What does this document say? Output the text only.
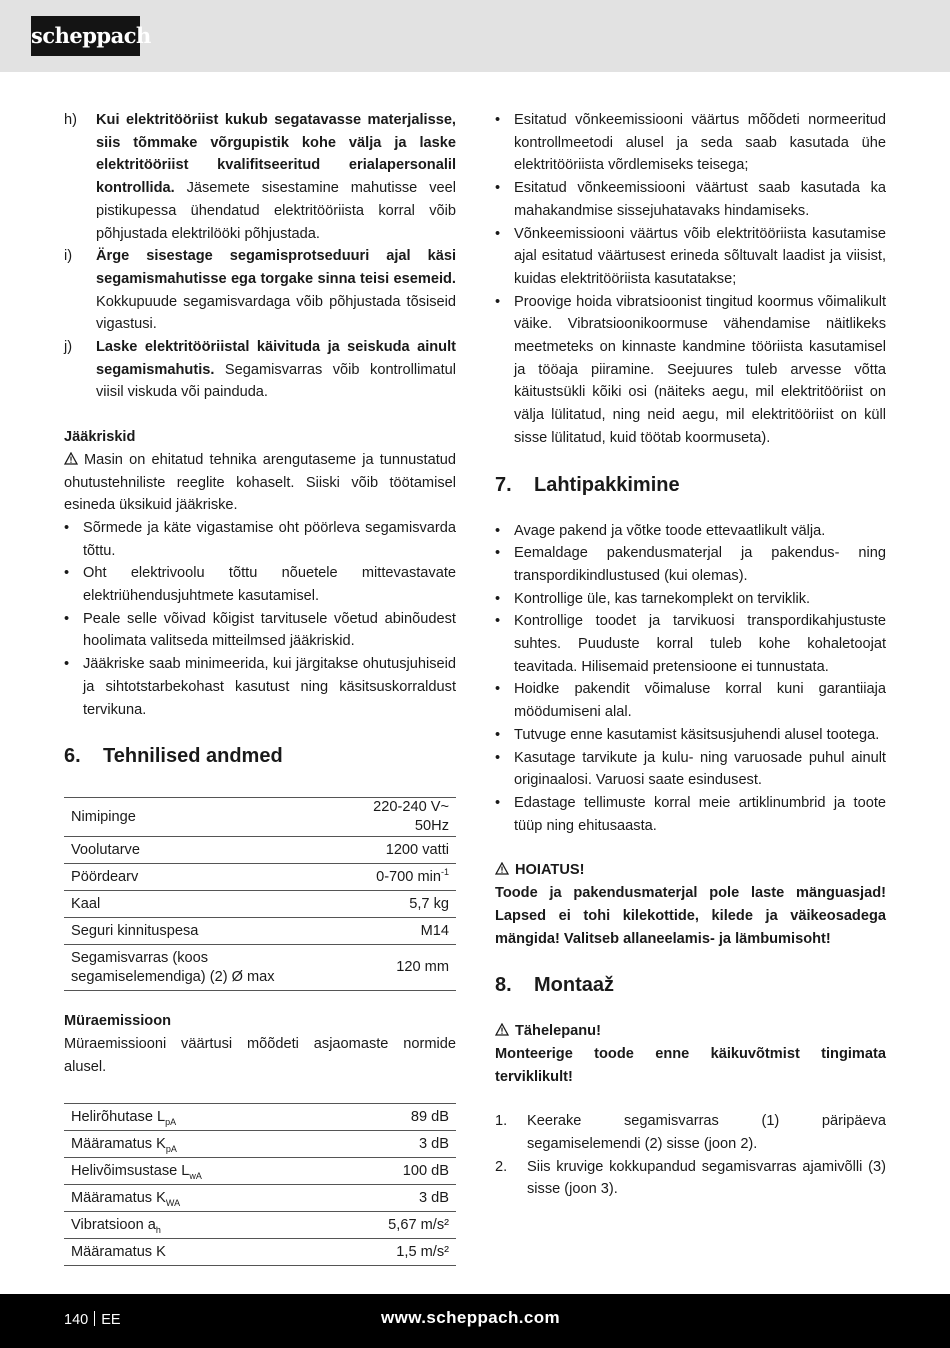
scheppach
h) Kui elektritööriist kukub segatavasse materjalisse, siis tõmmake võrgupistik kohe välja ja laske elektritööriist kvalifitseeritud erialapersonalil kontrollida. Jäsemete sisestamine mahutisse veel pistikupessa ühendatud elektritööriista korral võib põhjustada elektrilööki põhjustada.
i) Ärge sisestage segamisprotseduuri ajal käsi segamismahutisse ega torgake sinna teisi esemeid. Kokkupuude segamisvardaga võib põhjustada tõsiseid vigastusi.
j) Laske elektritööriistal käivituda ja seiskuda ainult segamismahutis. Segamisvarras võib kontrollimatul viisil viskuda või painduda.

Jääkriskid

Masin on ehitatud tehnika arengutaseme ja tunnustatud ohutustehniliste reeglite kohaselt. Siiski võib töötamisel esineda üksikuid jääkriske.

• Sõrmede ja käte vigastamise oht pöörleva segamisvarda tõttu.
• Oht elektrivoolu tõttu nõuetele mittevastavate elektriühendusjuhtmete kasutamisel.
• Peale selle võivad kõigist tarvitusele võetud abinõudest hoolimata valitseda mitteilmsed jääkriskid.
• Jääkriske saab minimeerida, kui järgitakse ohutusjuhiseid ja sihtotstarbekohast kasutust ning käsitsuskorraldust tervikuna.
6. Tehnilised andmed
Nimipinge	220-240 V~ 50Hz
Voolutarve	1200 vatti
Pöördearv	0-700 $\min^{-1}$
Kaal	5,7 kg
Seguri kinnituspesa	M14
Segamisvarras (koos segamiselemendiga) (2) Ø max	120 mm

Müraemissioon

Müraemissiooni väärtusi mõõdeti asjaomaste normide alusel.

Helirõhutase $L_{pA}$	89 dB
Määramatus $K_{pA}$	3 dB
Helivõimsustase $L_{wA}$	100 dB
Määramatus $K_{WA}$	3 dB
Vibratsioon $a_h$	5,67 m/s²
Määramatus K	1,5 m/s²
• Esitatud võnkeemissiooni väärtus mõõdeti normeeritud kontrollmeetodi alusel ja seda saab kasutada ühe elektritööriista võrdlemiseks teisega;
• Esitatud võnkeemissiooni väärtust saab kasutada ka mahakandmise sissejuhatavaks hindamiseks.
• Võnkeemissiooni väärtus võib elektritööriista kasutamise ajal esitatud väärtusest erineda sõltuvalt laadist ja viisist, kuidas elektritööriista kasutatakse;
• Proovige hoida vibratsioonist tingitud koormus võimalikult väike. Vibratsioonikoormuse vähendamise näitlikeks meetmeteks on kinnaste kandmine tööriista kasutamisel ja tööaja piiramine. Seejuures tuleb arvesse võtta käitustsükli kõiki osi (näiteks aegu, mil elektritööriist on välja lülitatud, ning neid aegu, mil elektritööriist on küll sisse lülitatud, kuid töötab koormuseta).
7. Lahtipakkimine
• Avage pakend ja võtke toode ettevaatlikult välja.
• Eemaldage pakendusmaterjal ja pakendus- ning transpordikindlustused (kui olemas).
• Kontrollige üle, kas tarnekomplekt on terviklik.
• Kontrollige toodet ja tarvikuosi transpordikahjustuste suhtes. Puuduste korral tuleb kohe kohaletoojat teavitada. Hilisemaid pretensioone ei tunnustata.
• Hoidke pakendit võimaluse korral kuni garantiiaja möödumiseni alal.
• Tutvuge enne kasutamist käsitsusjuhendi alusel tootega.
• Kasutage tarvikute ja kulu- ning varuosade puhul ainult originaalosi. Varuosi saate esindusest.
• Edastage tellimuste korral meie artiklinumbrid ja toote tüüp ning ehitusaasta.

HOIATUS!

Toode ja pakendusmaterjal pole laste mänguasjad! Lapsed ei tohi kilekottide, kilede ja väikeosadega mängida! Valitseb allaneelamis- ja lämbumisoht!

8. Montaaž

Tähelepanu!

Monteerige toode enne käikuvõtmist tingimata terviklikult!

1. Keerake segamisvarras (1) päripäeva segamiselemendi (2) sisse (joon 2).
2. Siis kruvige kokkupandud segamisvarras ajamivõlli (3) sisse (joon 3).
140 EE	www.scheppach.com
